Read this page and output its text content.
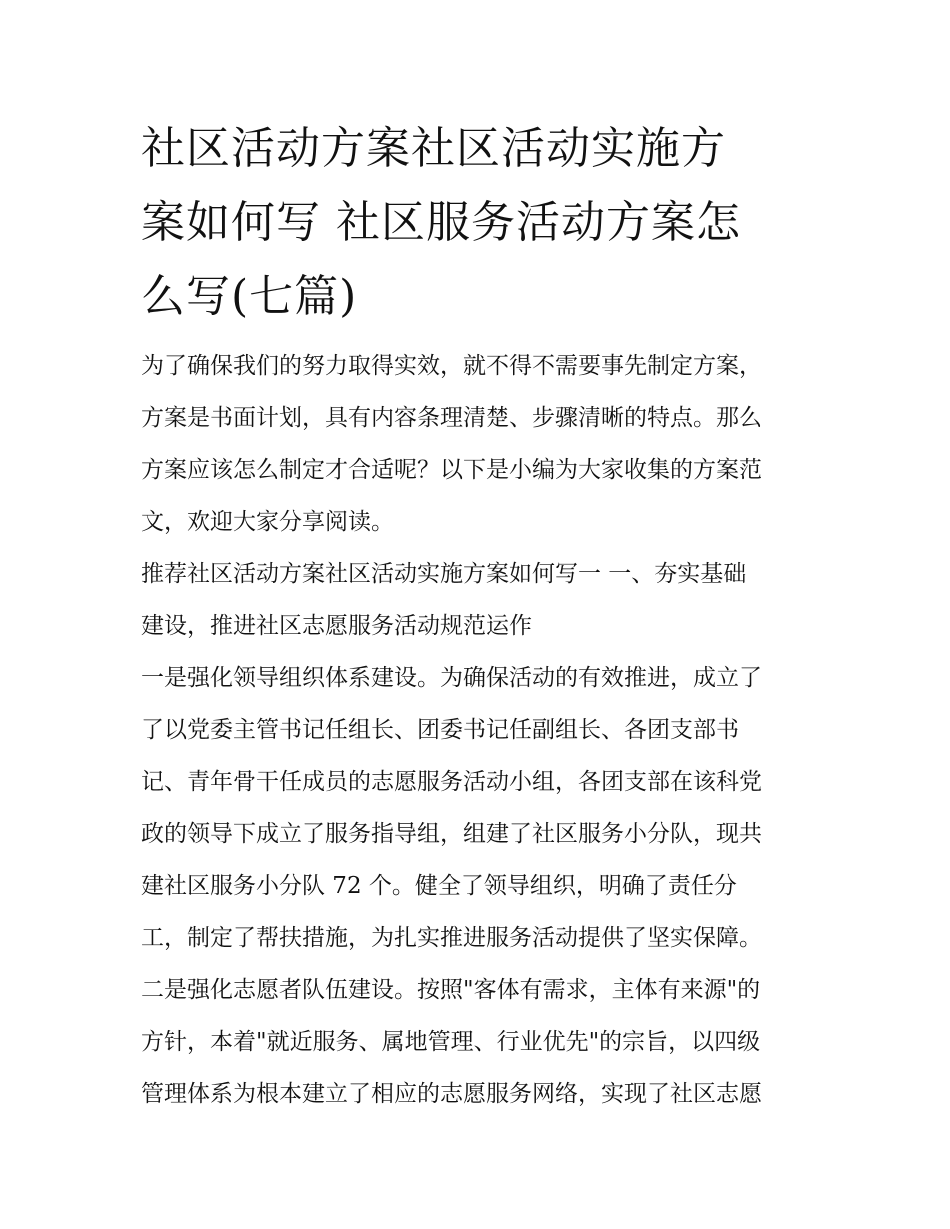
社区活动方案社区活动实施方
案如何写 社区服务活动方案怎
么写(七篇)

为了确保我们的努力取得实效，就不得不需要事先制定方案，
方案是书面计划，具有内容条理清楚、步骤清晰的特点。那么
方案应该怎么制定才合适呢？以下是小编为大家收集的方案范
文，欢迎大家分享阅读。

推荐社区活动方案社区活动实施方案如何写一 一、夯实基础
建设，推进社区志愿服务活动规范运作

一是强化领导组织体系建设。为确保活动的有效推进，成立了
了以党委主管书记任组长、团委书记任副组长、各团支部书
记、青年骨干任成员的志愿服务活动小组，各团支部在该科党
政的领导下成立了服务指导组，组建了社区服务小分队，现共
建社区服务小分队 72 个。健全了领导组织，明确了责任分
工，制定了帮扶措施，为扎实推进服务活动提供了坚实保障。

二是强化志愿者队伍建设。按照"客体有需求，主体有来源"的
方针，本着"就近服务、属地管理、行业优先"的宗旨，以四级
管理体系为根本建立了相应的志愿服务网络，实现了社区志愿
